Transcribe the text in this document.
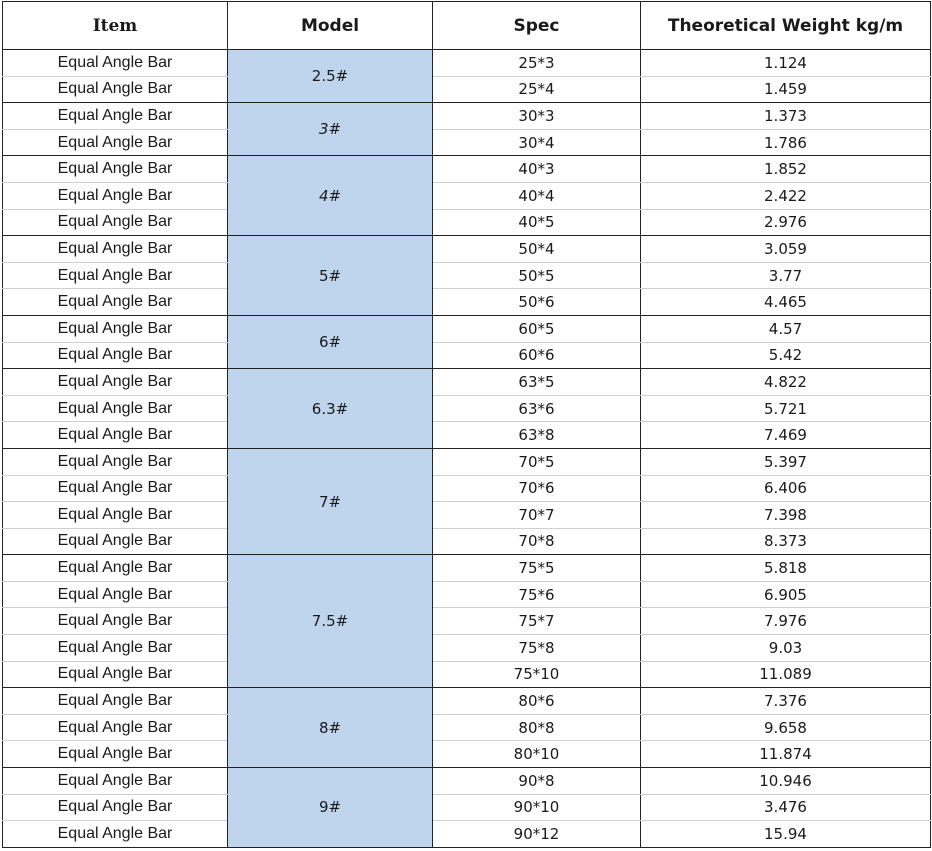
Item	Model	Spec	Theoretical Weight kg/m
Equal Angle Bar	2.5#	25*3	1.124
Equal Angle Bar		25*4	1.459
Equal Angle Bar	3#	30*3	1.373
Equal Angle Bar		30*4	1.786
Equal Angle Bar	4#	40*3	1.852
Equal Angle Bar		40*4	2.422
Equal Angle Bar		40*5	2.976
Equal Angle Bar	5#	50*4	3.059
Equal Angle Bar		50*5	3.77
Equal Angle Bar		50*6	4.465
Equal Angle Bar	6#	60*5	4.57
Equal Angle Bar		60*6	5.42
Equal Angle Bar	6.3#	63*5	4.822
Equal Angle Bar		63*6	5.721
Equal Angle Bar		63*8	7.469
Equal Angle Bar	7#	70*5	5.397
Equal Angle Bar		70*6	6.406
Equal Angle Bar		70*7	7.398
Equal Angle Bar		70*8	8.373
Equal Angle Bar	7.5#	75*5	5.818
Equal Angle Bar		75*6	6.905
Equal Angle Bar		75*7	7.976
Equal Angle Bar		75*8	9.03
Equal Angle Bar		75*10	11.089
Equal Angle Bar	8#	80*6	7.376
Equal Angle Bar		80*8	9.658
Equal Angle Bar		80*10	11.874
Equal Angle Bar	9#	90*8	10.946
Equal Angle Bar		90*10	3.476
Equal Angle Bar		90*12	15.94
